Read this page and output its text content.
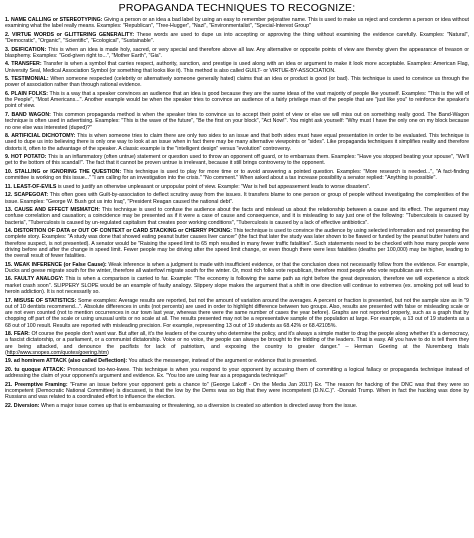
PROPAGANDA TECHNIQUES TO RECOGNIZE:

1. NAME CALLING or STEREOTYPING: Giving a person or an idea a bad label by using an easy to remember pejorative name. This is used to make us reject and condemn a person or idea without examining what the label really means. Examples: "Republican", "Tree-Hugger", "Nazi", "Environmentalist", "Special-Interest Group"

2. VIRTUE WORDS or GLITTERING GENERALITY: These words are used to dupe us into accepting or approving the thing without examining the evidence carefully. Examples: "Natural", "Democratic", "Organic", "Scientific", "Ecological", "Sustainable".

3. DEIFICATION: This is when an idea is made holy, sacred, or very special and therefore above all law. Any alternative or opposite points of view are thereby given the appearance of treason or blasphemy. Examples: "God-given right to...", "Mother Earth", "Gia".

4. TRANSFER: Transfer is when a symbol that carries respect, authority, sanction, and prestige is used along with an idea or argument to make it look more acceptable. Examples: American Flag, University Seal, Medical Association Symbol (or something that looks like it). This method is also called GUILT- or VIRTUE-BY-ASSOCIATION.

5. TESTIMONIAL: When someone respected (celebrity or alternatively someone generally hated) claims that an idea or product is good (or bad). This technique is used to convince us through the power of association rather than through rational evidence.

6. PLAIN FOLKS: This is a way that a speaker convinces an audience that an idea is good because they are the same ideas of the vast majority of people like yourself. Examples: "This is the will of the People", "Most Americans...". Another example would be when the speaker tries to convince an audience of a fairly privilege man of the people that are "just like you" to reinforce the speaker's point of view.

7. BAND WAGON: This common propaganda method is when the speaker tries to convince us to accept their point of view or else we will miss out on something really good. The Band-Wagon technique is often used in advertising. Examples: "This is the wave of the future", "Be the first on your block", "Act Now!". You might ask yourself: "Why must I have the only one on my block because no one else was interested (duped)?"

8. ARTIFICIAL DICHOTOMY: This is when someone tries to claim there are only two sides to an issue and that both sides must have equal presentation in order to be evaluated. This technique is used to dupe us into believing there is only one way to look at an issue when in fact there may be many alternative viewpoints or "sides". Like propaganda techniques it simplifies reality and therefore distorts it, often to the advantage of the speaker. A classic example is the "intelligent design" versus "evolution" controversy.

9. HOT POTATO: This is an inflammatory (often untrue) statement or question used to throw an opponent off guard, or to embarrass them. Examples: "Have you stopped beating your spouse", "We'll get to the bottom of this scandal!". The fact that it cannot be proven untrue is irrelevant, because it still brings controversy to the opponent.

10. STALLING or IGNORING THE QUESTION: This technique is used to play for more time or to avoid answering a pointed question. Examples: "More research is needed...", "A fact-finding committee is working on this issue..." "I am calling for an investigation into the crisis." "No comment." When asked about a tax increase possibility a senator replied: "Anything is possible".

11. LEAST-OF-EVILS is used to justify an otherwise unpleasant or unpopular point of view. Example: "War is hell but appeasement leads to worse disasters".

12. SCAPEGOAT: This often goes with Guilt-by-association to deflect scrutiny away from the issues. It transfers blame to one person or group of people without investigating the complexities of the issue. Examples: "George W. Bush got us into Iraq", "President Reagan caused the national debt".

13. CAUSE AND EFFECT MISMATCH: This technique is used to confuse the audience about the facts and mislead us about the relationship between a cause and its effect. The argument may confuse correlation and causation; a coincidence may be presented as if it were a case of cause and consequence, and it is misleading to say just one of the following: "Tuberculosis is caused by bacteria", "Tuberculosis is caused by un-regulated capitalism that creates poor working conditions", "Tuberculosis is caused by a lack of effective antibiotics".

14. DISTORTION OF DATA or OUT OF CONTEXT or CARD STACKING or CHERRY PICKING: This technique is used to convince the audience by using selected information and not presenting the complete story. Examples: "A study was done that showed eating peanut butter causes liver cancer" (the fact that later the study was later shown to be flawed or funded by the peanut butter haters and therefore suspect, is not presented). A senator would be "Raising the speed limit to 65 mph resulted in many fewer traffic fatalities". Such statements need to be checked with how many people were driving before and after the change in speed limit. Fewer people may be driving after the speed limit change, or even though there were less fatalities (deaths per 100,000) may be higher, leading to the overall result of fewer fatalities.

15. WEAK INFERENCE (or False Cause): Weak inference is when a judgment is made with insufficient evidence, or that the conclusion does not necessarily follow from the evidence. For example, Ducks and geese migrate south for the winter, therefore all waterfowl migrate south for the winter. Or, most rich folks vote republican, therefore most people who vote republican are rich.

16. FAULTY ANALOGY: This is when a comparison is carried to far. Example: "The economy is following the same path as right before the great depression, therefore we will experience a stock market crash soon". SLIPPERY SLOPE would be an example of faulty analogy. Slippery slope makes the argument that a shift in one direction will continue to extremes (ex. smoking pot will lead to heroin addiction). It is not necessarily so.

17. MISUSE OF STATISTICS: Some examples: Average results are reported, but not the amount of variation around the averages. A percent or fraction is presented, but not the sample size as in "9 out of 10 dentists recommend...". Absolute differences in units (not percents) are used in order to highlight difference between two groups. Also, results are presented with false or misleading scale or are not even counted (not to mention occurrences in our town last year, whereas there were the same number of cases the year before). Graphs are not reported properly, such as a graph that by chopping off part of the scale or using unusual units or no scale at all. The results presented may not be a representative sample of the population at large. For example, a 13 out of 19 students as a 68 out of 100 result. Results are reported with misleading precision. For example, representing 13 out of 19 students as 68.42% or 68.42105%.

18. FEAR: Of course the people don't want war. But after all, it's the leaders of the country who determine the policy, and it's always a simple matter to drag the people along whether it's a democracy, a fascist dictatorship, or a parliament, or a communist dictatorship. Voice or no voice, the people can always be brought to the bidding of the leaders. That is easy. All you have to do is tell them they are being attacked, and denounce the pacifists for lack of patriotism, and exposing the country to greater danger." -- Herman Goering at the Nuremberg trials (http://www.snopes.com/quotes/goering.htm)

19. ad hominem ATTACK (also called Deflection): You attack the messenger, instead of the argument or evidence that is presented.

20. tu quoque ATTACK: Pronounced too-two-kwee. This technique is when you respond to your opponent by accusing them of committing a logical fallacy or propaganda technique instead of addressing the claim of your opponent's argument and evidence. Ex. "You too are using fear as a propaganda technique!"

21. Preemptive Framing: "Frame an issue before your opponent gets a chance to" (George Lakoff - On the Media Jan 2017) Ex. "The reason for hacking of the DNC was that they were so incompetent (Democratic National Committee) is discussed, is that the low by the Dems was so big that they were incompetent (D.N.C.)". -Donald Trump. When in fact the hacking was done by Russians and was related to a coordinated effort to influence the election.

22. Diversion: When a major issue comes up that is embarrassing or threatening, so a diversion is created so attention is directed away from the issue.
